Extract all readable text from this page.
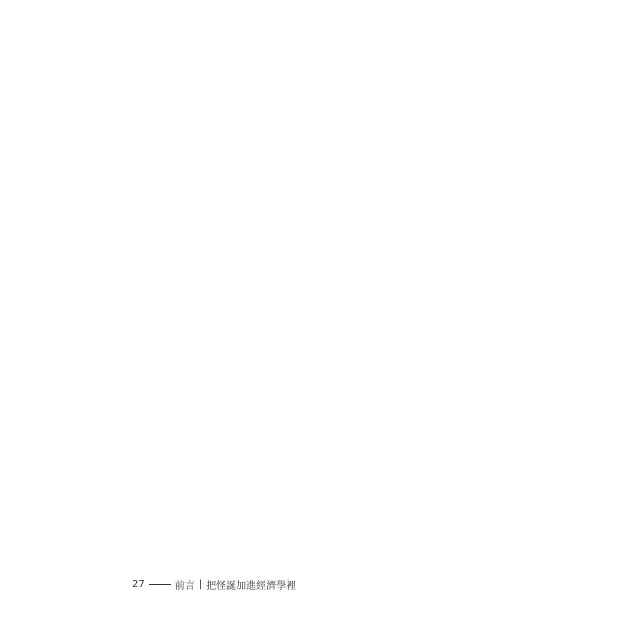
27	前言 | 把怪誕加進經濟學裡
